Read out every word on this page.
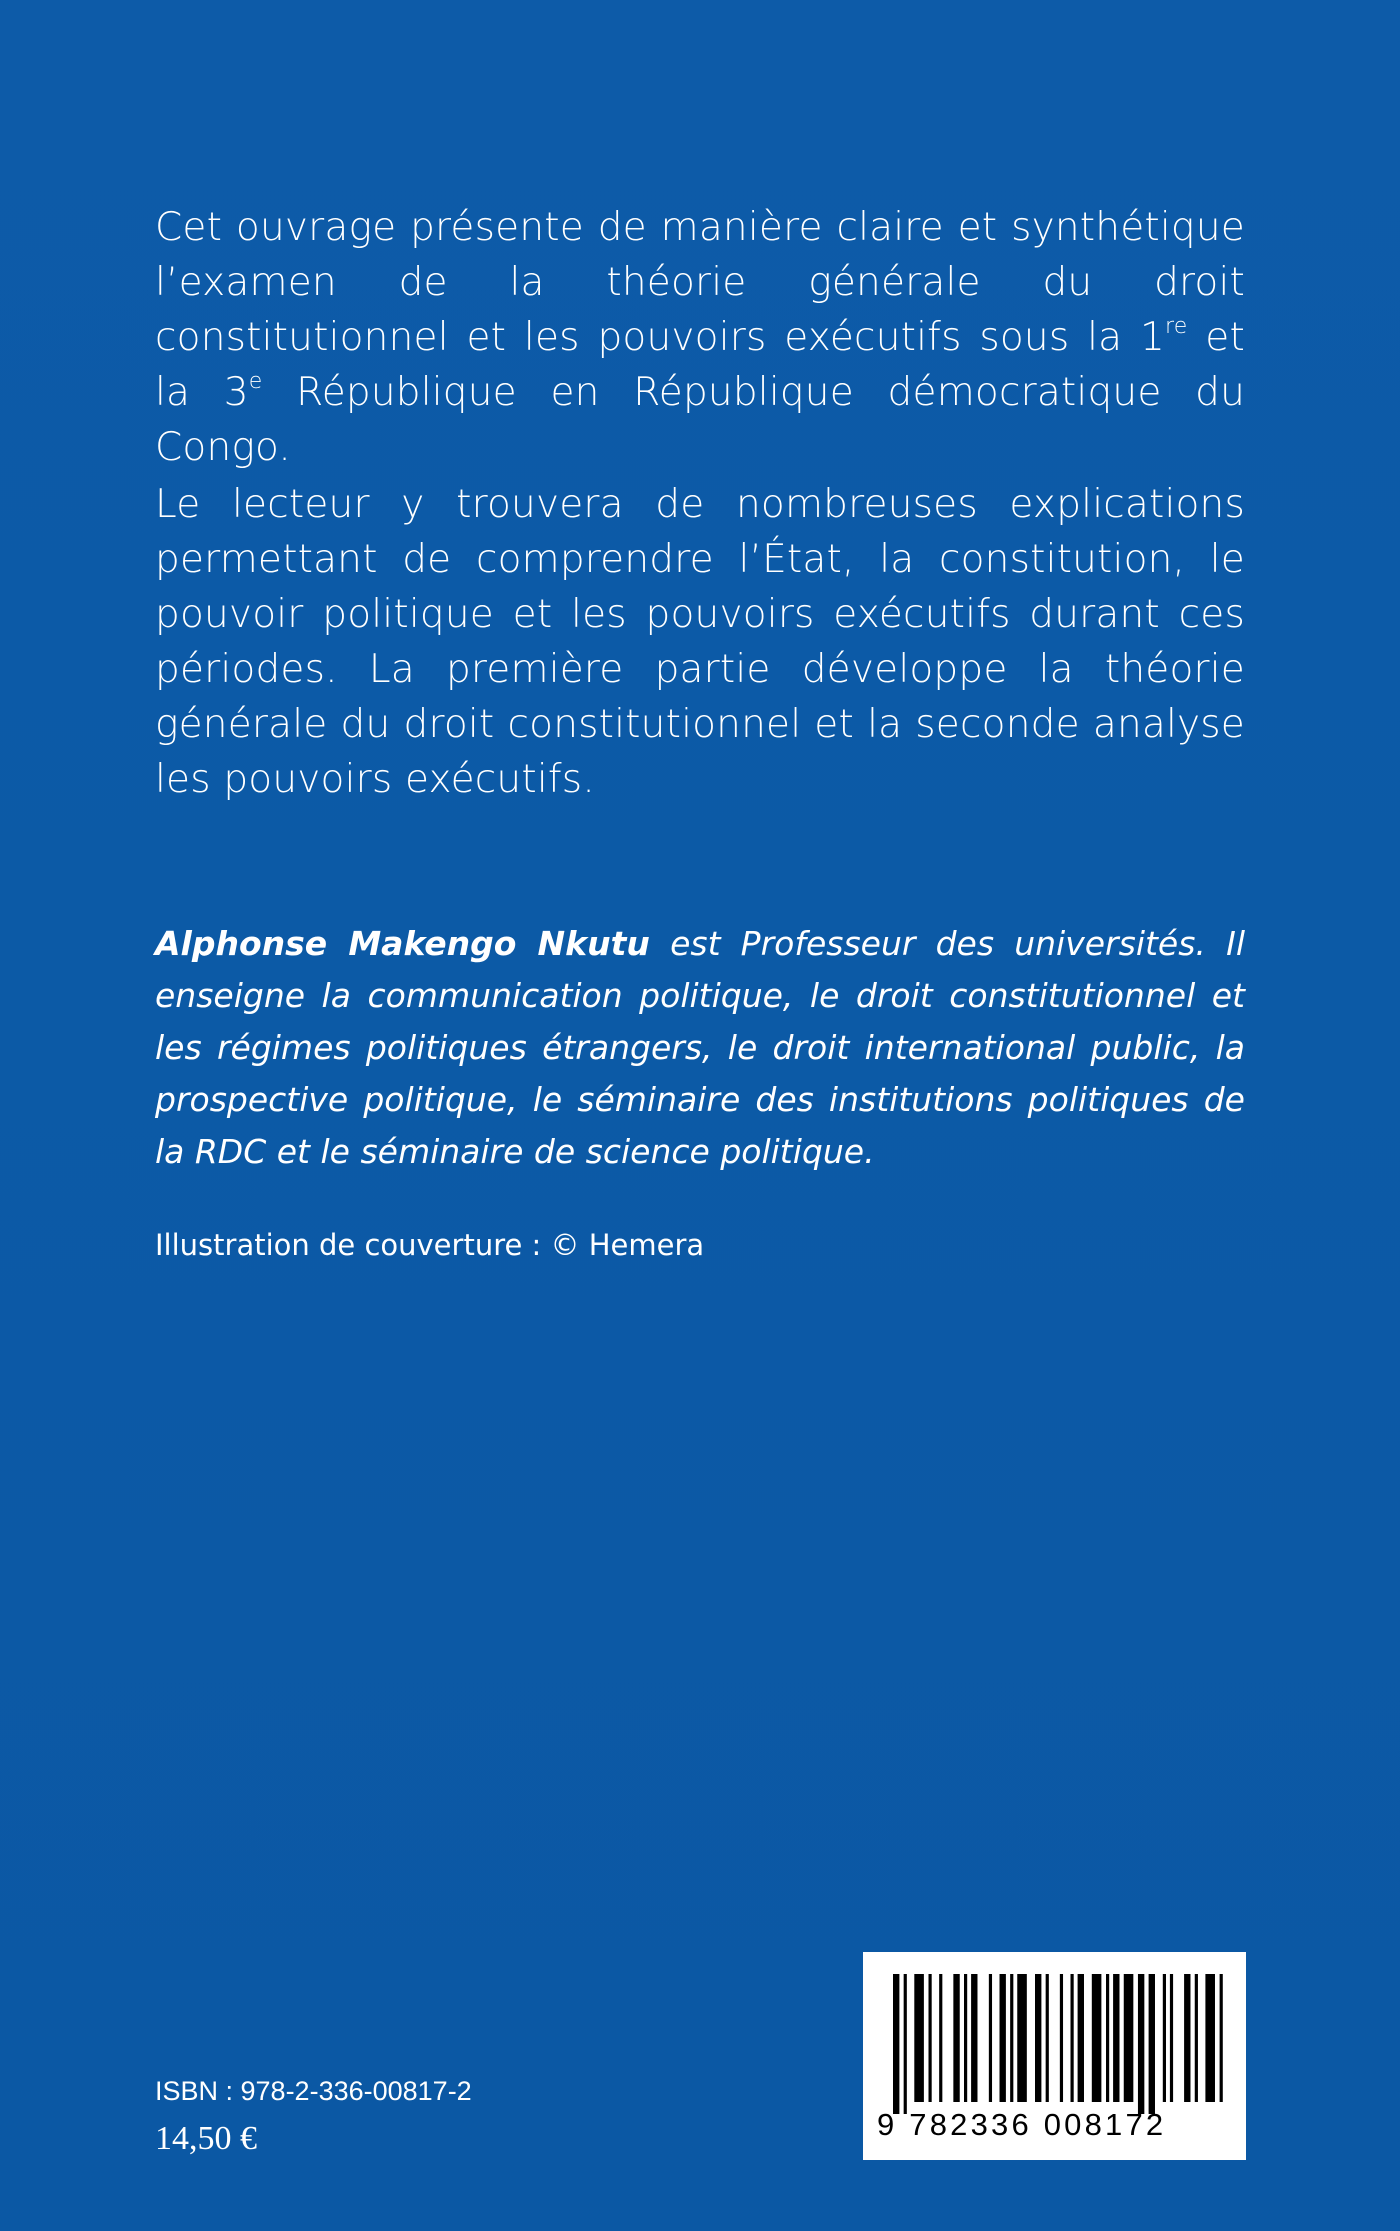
Cet ouvrage présente de manière claire et synthétique l’examen de la théorie générale du droit constitutionnel et les pouvoirs exécutifs sous la 1re et la 3e République en République démocratique du Congo.

Le lecteur y trouvera de nombreuses explications permettant de comprendre l’État, la constitution, le pouvoir politique et les pouvoirs exécutifs durant ces périodes. La première partie développe la théorie générale du droit constitutionnel et la seconde analyse les pouvoirs exécutifs.

Alphonse Makengo Nkutu est Professeur des universités. Il enseigne la communication politique, le droit constitutionnel et les régimes politiques étrangers, le droit international public, la prospective politique, le séminaire des institutions politiques de la RDC et le séminaire de science politique.
Illustration de couverture : © Hemera
9 782336 008172
ISBN : 978-2-336-00817-2
14,50 €
